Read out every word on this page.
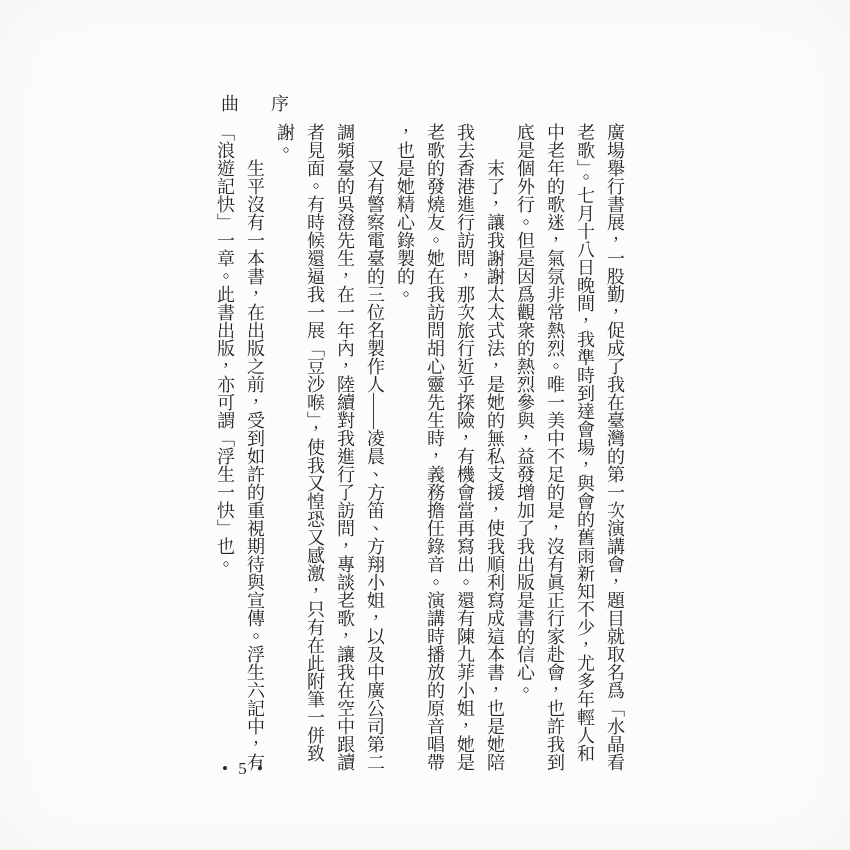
曲　序

廣場舉行書展，一股勤，促成了我在臺灣的第一次演講會，題目就取名爲「水晶看老歌」。七月十八日晚間，我準時到達會場，與會的舊雨新知不少，尤多年輕人和中老年的歌迷，氣氛非常熱烈。唯一美中不足的是，沒有眞正行家赴會，也許我到底是個外行。但是因爲觀衆的熱烈參與，益發增加了我出版是書的信心。

末了，讓我謝謝太太式法，是她的無私支援，使我順利寫成這本書，也是她陪我去香港進行訪問，那次旅行近乎探險，有機會當再寫出。還有陳九菲小姐，她是老歌的發燒友。她在我訪問胡心靈先生時，義務擔任錄音。演講時播放的原音唱帶，也是她精心錄製的。

又有警察電臺的三位名製作人——凌晨、方笛、方翔小姐，以及中廣公司第二調頻臺的吳澄先生，在一年內，陸續對我進行了訪問，專談老歌，讓我在空中跟讀者見面。有時候還逼我一展「豆沙喉」，使我又惶恐又感激，只有在此附筆一併致謝。

生平沒有一本書，在出版之前，受到如許的重視期待與宣傳。浮生六記中，有「浪遊記快」一章。此書出版，亦可謂「浮生一快」也。

• 5 •
